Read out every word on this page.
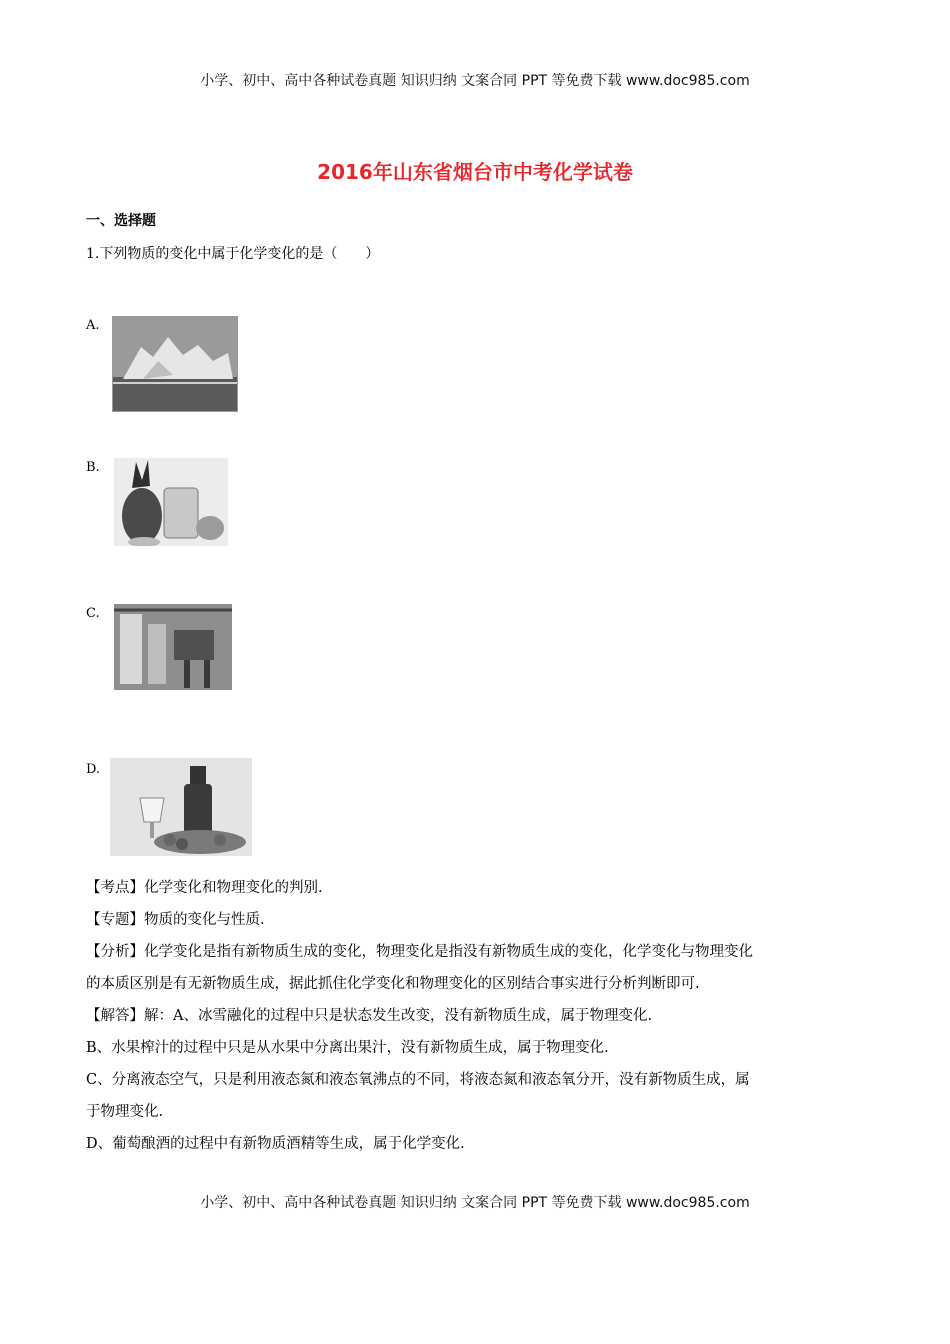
小学、初中、高中各种试卷真题 知识归纳 文案合同 PPT 等免费下载 www.doc985.com
2016年山东省烟台市中考化学试卷
一、选择题
1.下列物质的变化中属于化学变化的是（　　）
A.
B.
C.
D.

【考点】化学变化和物理变化的判别.

【专题】物质的变化与性质.

【分析】化学变化是指有新物质生成的变化，物理变化是指没有新物质生成的变化，化学变化与物理变化

的本质区别是有无新物质生成，据此抓住化学变化和物理变化的区别结合事实进行分析判断即可.

【解答】解：A、冰雪融化的过程中只是状态发生改变，没有新物质生成，属于物理变化.

B、水果榨汁的过程中只是从水果中分离出果汁，没有新物质生成，属于物理变化.

C、分离液态空气，只是利用液态氮和液态氧沸点的不同，将液态氮和液态氧分开，没有新物质生成，属

于物理变化.

D、葡萄酿酒的过程中有新物质酒精等生成，属于化学变化.

小学、初中、高中各种试卷真题 知识归纳 文案合同 PPT 等免费下载 www.doc985.com
